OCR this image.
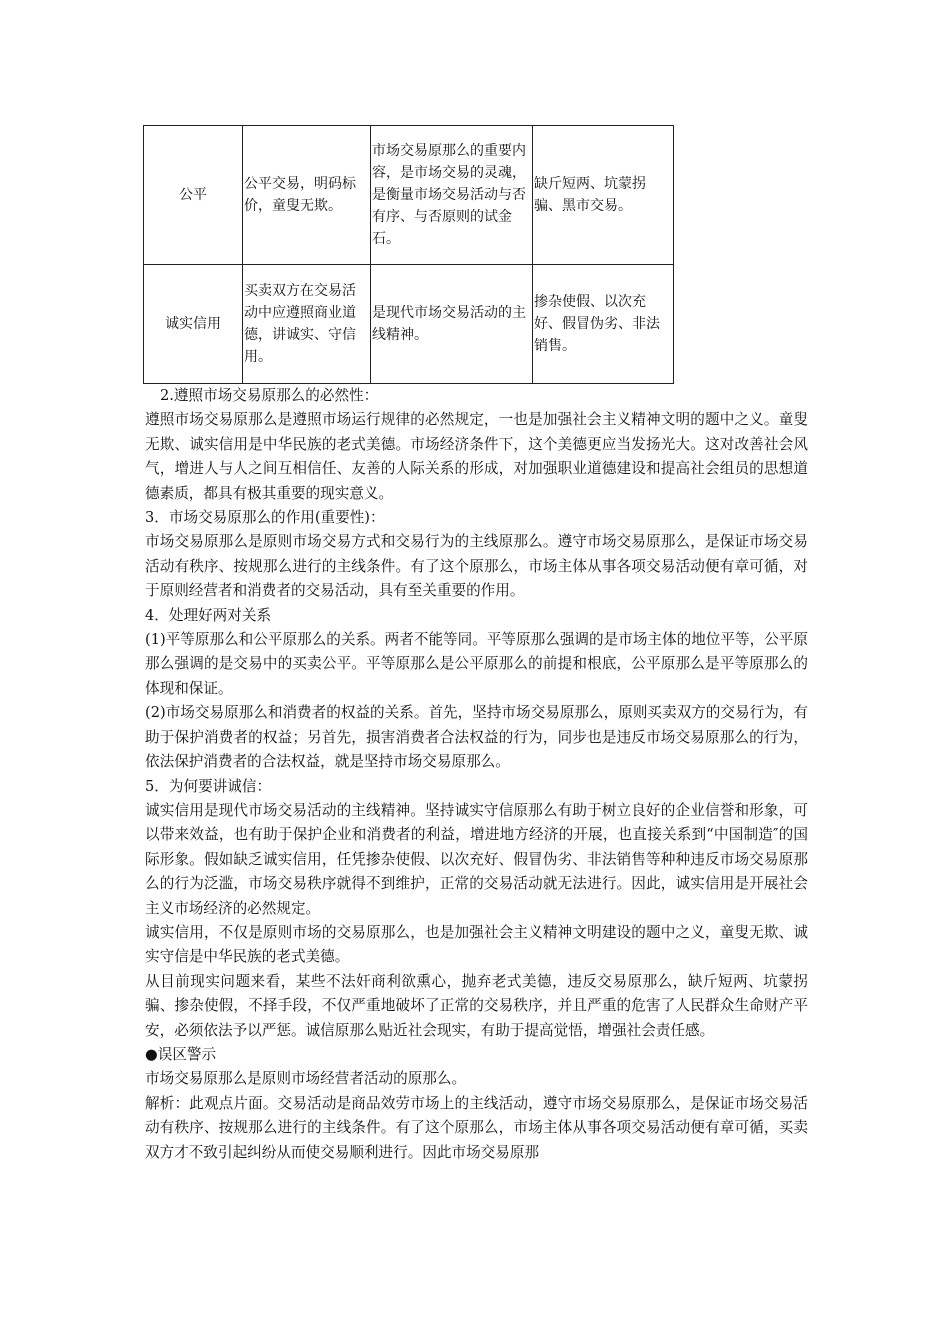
公平	公平交易，明码标价，童叟无欺。	市场交易原那么的重要内容，是市场交易的灵魂，是衡量市场交易活动与否有序、与否原则的试金石。	缺斤短两、坑蒙拐骗、黑市交易。
诚实信用	买卖双方在交易活动中应遵照商业道德，讲诚实、守信用。	是现代市场交易活动的主线精神。	掺杂使假、以次充好、假冒伪劣、非法销售。

2.遵照市场交易原那么的必然性：

遵照市场交易原那么是遵照市场运行规律的必然规定，一也是加强社会主义精神文明的题中之义。童叟无欺、诚实信用是中华民族的老式美德。市场经济条件下，这个美德更应当发扬光大。这对改善社会风气，增进人与人之间互相信任、友善的人际关系的形成，对加强职业道德建设和提高社会组员的思想道德素质，都具有极其重要的现实意义。

3．市场交易原那么的作用(重要性)：

市场交易原那么是原则市场交易方式和交易行为的主线原那么。遵守市场交易原那么，是保证市场交易活动有秩序、按规那么进行的主线条件。有了这个原那么，市场主体从事各项交易活动便有章可循，对于原则经营者和消费者的交易活动，具有至关重要的作用。

4．处理好两对关系

(1)平等原那么和公平原那么的关系。两者不能等同。平等原那么强调的是市场主体的地位平等，公平原那么强调的是交易中的买卖公平。平等原那么是公平原那么的前提和根底，公平原那么是平等原那么的体现和保证。

(2)市场交易原那么和消费者的权益的关系。首先，坚持市场交易原那么，原则买卖双方的交易行为，有助于保护消费者的权益；另首先，损害消费者合法权益的行为，同步也是违反市场交易原那么的行为，依法保护消费者的合法权益，就是坚持市场交易原那么。

5．为何要讲诚信：

诚实信用是现代市场交易活动的主线精神。坚持诚实守信原那么有助于树立良好的企业信誉和形象，可以带来效益，也有助于保护企业和消费者的利益，增进地方经济的开展，也直接关系到“中国制造″的国际形象。假如缺乏诚实信用，任凭掺杂使假、以次充好、假冒伪劣、非法销售等种种违反市场交易原那么的行为泛滥，市场交易秩序就得不到维护，正常的交易活动就无法进行。因此，诚实信用是开展社会主义市场经济的必然规定。

诚实信用，不仅是原则市场的交易原那么，也是加强社会主义精神文明建设的题中之义，童叟无欺、诚实守信是中华民族的老式美德。

从目前现实问题来看，某些不法奸商利欲熏心，抛弃老式美德，违反交易原那么，缺斤短两、坑蒙拐骗、掺杂使假，不择手段，不仅严重地破坏了正常的交易秩序，并且严重的危害了人民群众生命财产平安，必须依法予以严惩。诚信原那么贴近社会现实，有助于提高觉悟，增强社会责任感。

●误区警示

市场交易原那么是原则市场经营者活动的原那么。

解析：此观点片面。交易活动是商品效劳市场上的主线活动，遵守市场交易原那么，是保证市场交易活动有秩序、按规那么进行的主线条件。有了这个原那么，市场主体从事各项交易活动便有章可循，买卖双方才不致引起纠纷从而使交易顺利进行。因此市场交易原那
